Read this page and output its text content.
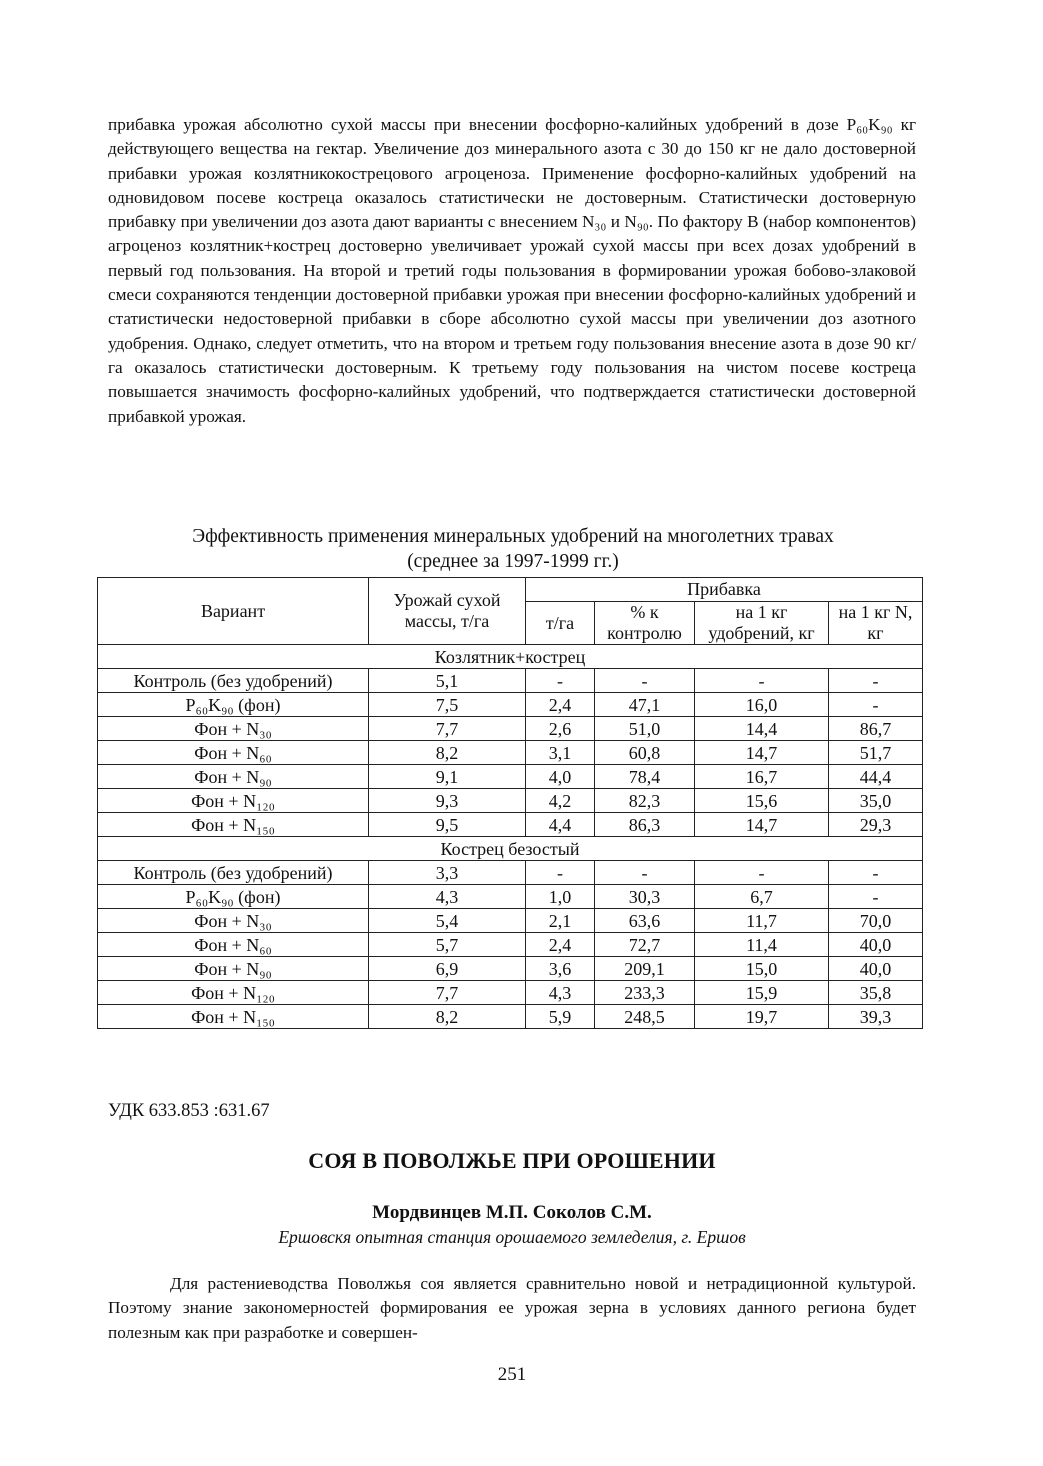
прибавка урожая абсолютно сухой массы при внесении фосфорно-калийных удобрений в дозе P₆₀K₉₀ кг действующего вещества на гектар. Увеличение доз минерального азота с 30 до 150 кг не дало достоверной прибавки урожая козлятникокострецового агроценоза. Применение фосфорно-калийных удобрений на одновидовом посеве костреца оказалось статистически не достоверным. Статистически достоверную прибавку при увеличении доз азота дают варианты с внесением N₃₀ и N₉₀. По фактору В (набор компонентов) агроценоз козлятник+кострец достоверно увеличивает урожай сухой массы при всех дозах удобрений в первый год пользования. На второй и третий годы пользования в формировании урожая бобово-злаковой смеси сохраняются тенденции достоверной прибавки урожая при внесении фосфорно-калийных удобрений и статистически недостоверной прибавки в сборе абсолютно сухой массы при увеличении доз азотного удобрения. Однако, следует отметить, что на втором и третьем году пользования внесение азота в дозе 90 кг/га оказалось статистически достоверным. К третьему году пользования на чистом посеве костреца повышается значимость фосфорно-калийных удобрений, что подтверждается статистически достоверной прибавкой урожая.

Эффективность применения минеральных удобрений на многолетних травах
(среднее за 1997-1999 гг.)
Вариант	Урожай сухой массы, т/га	Прибавка			
		т/га	% к контролю	на 1 кг удобрений, кг	на 1 кг N, кг
Козлятник+кострец					
Контроль (без удобрений)	5,1	-	-	-	-
P₆₀K₉₀ (фон)	7,5	2,4	47,1	16,0	-
Фон + N₃₀	7,7	2,6	51,0	14,4	86,7
Фон + N₆₀	8,2	3,1	60,8	14,7	51,7
Фон + N₉₀	9,1	4,0	78,4	16,7	44,4
Фон + N₁₂₀	9,3	4,2	82,3	15,6	35,0
Фон + N₁₅₀	9,5	4,4	86,3	14,7	29,3
Кострец безостый					
Контроль (без удобрений)	3,3	-	-	-	-
P₆₀K₉₀ (фон)	4,3	1,0	30,3	6,7	-
Фон + N₃₀	5,4	2,1	63,6	11,7	70,0
Фон + N₆₀	5,7	2,4	72,7	11,4	40,0
Фон + N₉₀	6,9	3,6	209,1	15,0	40,0
Фон + N₁₂₀	7,7	4,3	233,3	15,9	35,8
Фон + N₁₅₀	8,2	5,9	248,5	19,7	39,3
УДК 633.853 :631.67
СОЯ В ПОВОЛЖЬЕ ПРИ ОРОШЕНИИ
Мордвинцев М.П. Соколов С.М.
Ершовскя опытная станция орошаемого земледелия, г. Ершов

Для растениеводства Поволжья соя является сравнительно новой и нетрадиционной культурой. Поэтому знание закономерностей формирования ее урожая зерна в условиях данного региона будет полезным как при разработке и совершен-

251
